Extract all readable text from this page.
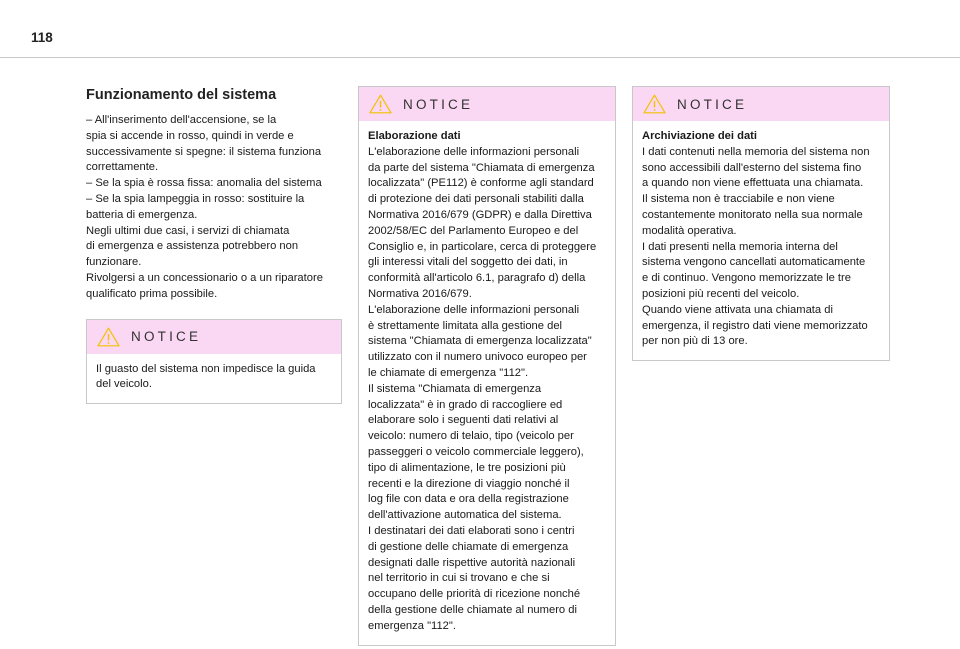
118
Funzionamento del sistema
– All'inserimento dell'accensione, se la
spia si accende in rosso, quindi in verde e
successivamente si spegne: il sistema funziona
correttamente.
– Se la spia è rossa fissa: anomalia del sistema
– Se la spia lampeggia in rosso: sostituire la
batteria di emergenza.
Negli ultimi due casi, i servizi di chiamata
di emergenza e assistenza potrebbero non
funzionare.
Rivolgersi a un concessionario o a un riparatore
qualificato prima possibile.
NOTICE
Il guasto del sistema non impedisce la guida
del veicolo.
NOTICE
Elaborazione dati
L'elaborazione delle informazioni personali
da parte del sistema "Chiamata di emergenza
localizzata" (PE112) è conforme agli standard
di protezione dei dati personali stabiliti dalla
Normativa 2016/679 (GDPR) e dalla Direttiva
2002/58/EC del Parlamento Europeo e del
Consiglio e, in particolare, cerca di proteggere
gli interessi vitali del soggetto dei dati, in
conformità all'articolo 6.1, paragrafo d) della
Normativa 2016/679.
L'elaborazione delle informazioni personali
è strettamente limitata alla gestione del
sistema "Chiamata di emergenza localizzata"
utilizzato con il numero univoco europeo per
le chiamate di emergenza "112".
Il sistema "Chiamata di emergenza
localizzata" è in grado di raccogliere ed
elaborare solo i seguenti dati relativi al
veicolo: numero di telaio, tipo (veicolo per
passeggeri o veicolo commerciale leggero),
tipo di alimentazione, le tre posizioni più
recenti e la direzione di viaggio nonché il
log file con data e ora della registrazione
dell'attivazione automatica del sistema.
I destinatari dei dati elaborati sono i centri
di gestione delle chiamate di emergenza
designati dalle rispettive autorità nazionali
nel territorio in cui si trovano e che si
occupano delle priorità di ricezione nonché
della gestione delle chiamate al numero di
emergenza "112".
NOTICE
Archiviazione dei dati
I dati contenuti nella memoria del sistema non
sono accessibili dall'esterno del sistema fino
a quando non viene effettuata una chiamata.
Il sistema non è tracciabile e non viene
costantemente monitorato nella sua normale
modalità operativa.
I dati presenti nella memoria interna del
sistema vengono cancellati automaticamente
e di continuo. Vengono memorizzate le tre
posizioni più recenti del veicolo.
Quando viene attivata una chiamata di
emergenza, il registro dati viene memorizzato
per non più di 13 ore.
